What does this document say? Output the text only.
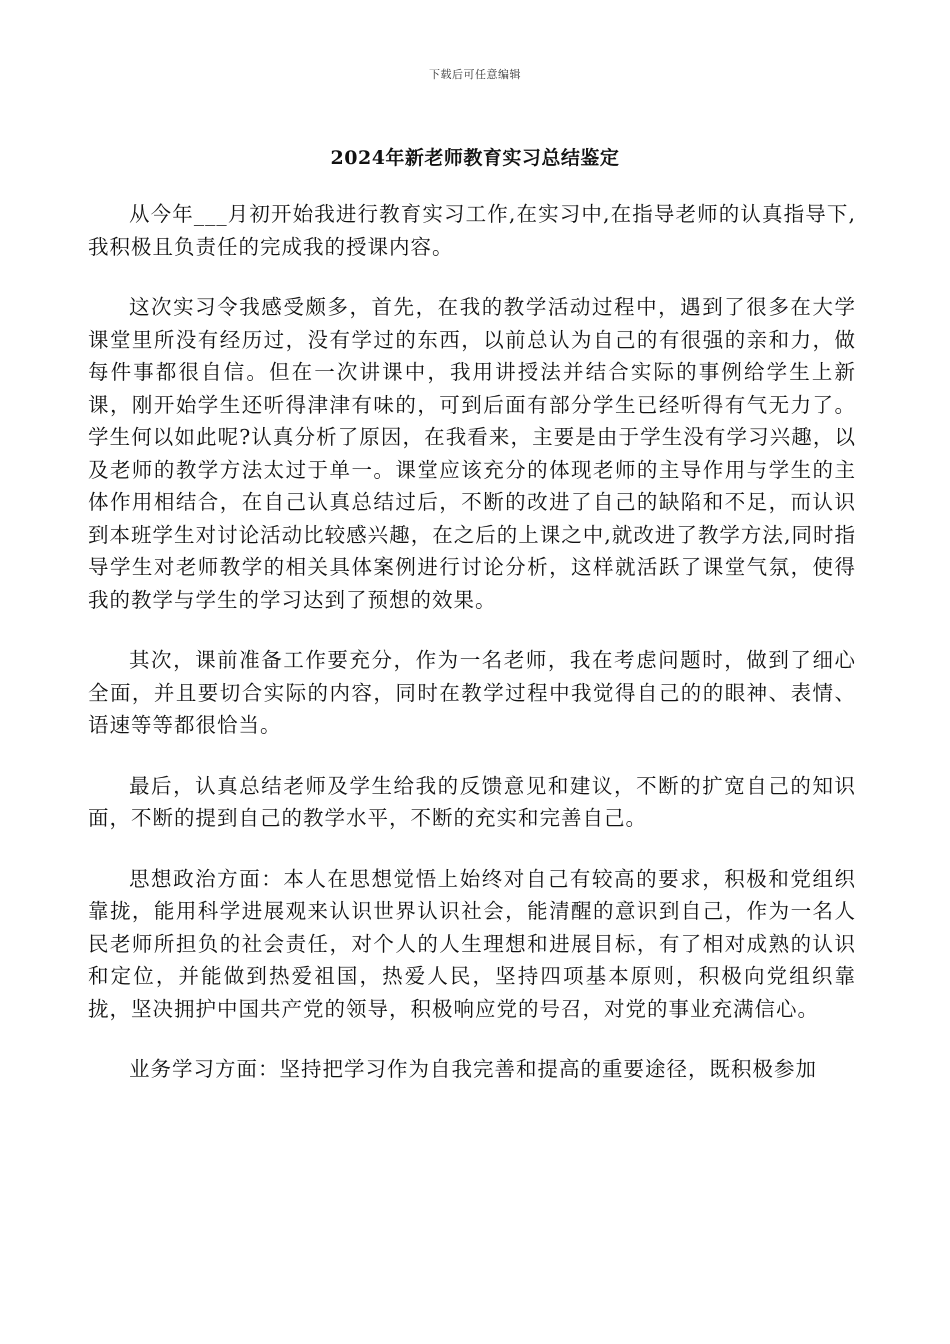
下载后可任意编辑
2024年新老师教育实习总结鉴定

从今年___月初开始我进行教育实习工作,在实习中,在指导老师的认真指导下,我积极且负责任的完成我的授课内容。

这次实习令我感受颇多，首先，在我的教学活动过程中，遇到了很多在大学课堂里所没有经历过，没有学过的东西，以前总认为自己的有很强的亲和力，做每件事都很自信。但在一次讲课中，我用讲授法并结合实际的事例给学生上新课，刚开始学生还听得津津有味的，可到后面有部分学生已经听得有气无力了。学生何以如此呢?认真分析了原因，在我看来，主要是由于学生没有学习兴趣，以及老师的教学方法太过于单一。课堂应该充分的体现老师的主导作用与学生的主体作用相结合，在自己认真总结过后，不断的改进了自己的缺陷和不足，而认识到本班学生对讨论活动比较感兴趣，在之后的上课之中,就改进了教学方法,同时指导学生对老师教学的相关具体案例进行讨论分析，这样就活跃了课堂气氛，使得我的教学与学生的学习达到了预想的效果。

其次，课前准备工作要充分，作为一名老师，我在考虑问题时，做到了细心全面，并且要切合实际的内容，同时在教学过程中我觉得自己的的眼神、表情、语速等等都很恰当。

最后，认真总结老师及学生给我的反馈意见和建议，不断的扩宽自己的知识面，不断的提到自己的教学水平，不断的充实和完善自己。

思想政治方面：本人在思想觉悟上始终对自己有较高的要求，积极和党组织靠拢，能用科学进展观来认识世界认识社会，能清醒的意识到自己，作为一名人民老师所担负的社会责任，对个人的人生理想和进展目标，有了相对成熟的认识和定位，并能做到热爱祖国，热爱人民，坚持四项基本原则，积极向党组织靠拢，坚决拥护中国共产党的领导，积极响应党的号召，对党的事业充满信心。

业务学习方面：坚持把学习作为自我完善和提高的重要途径，既积极参加
